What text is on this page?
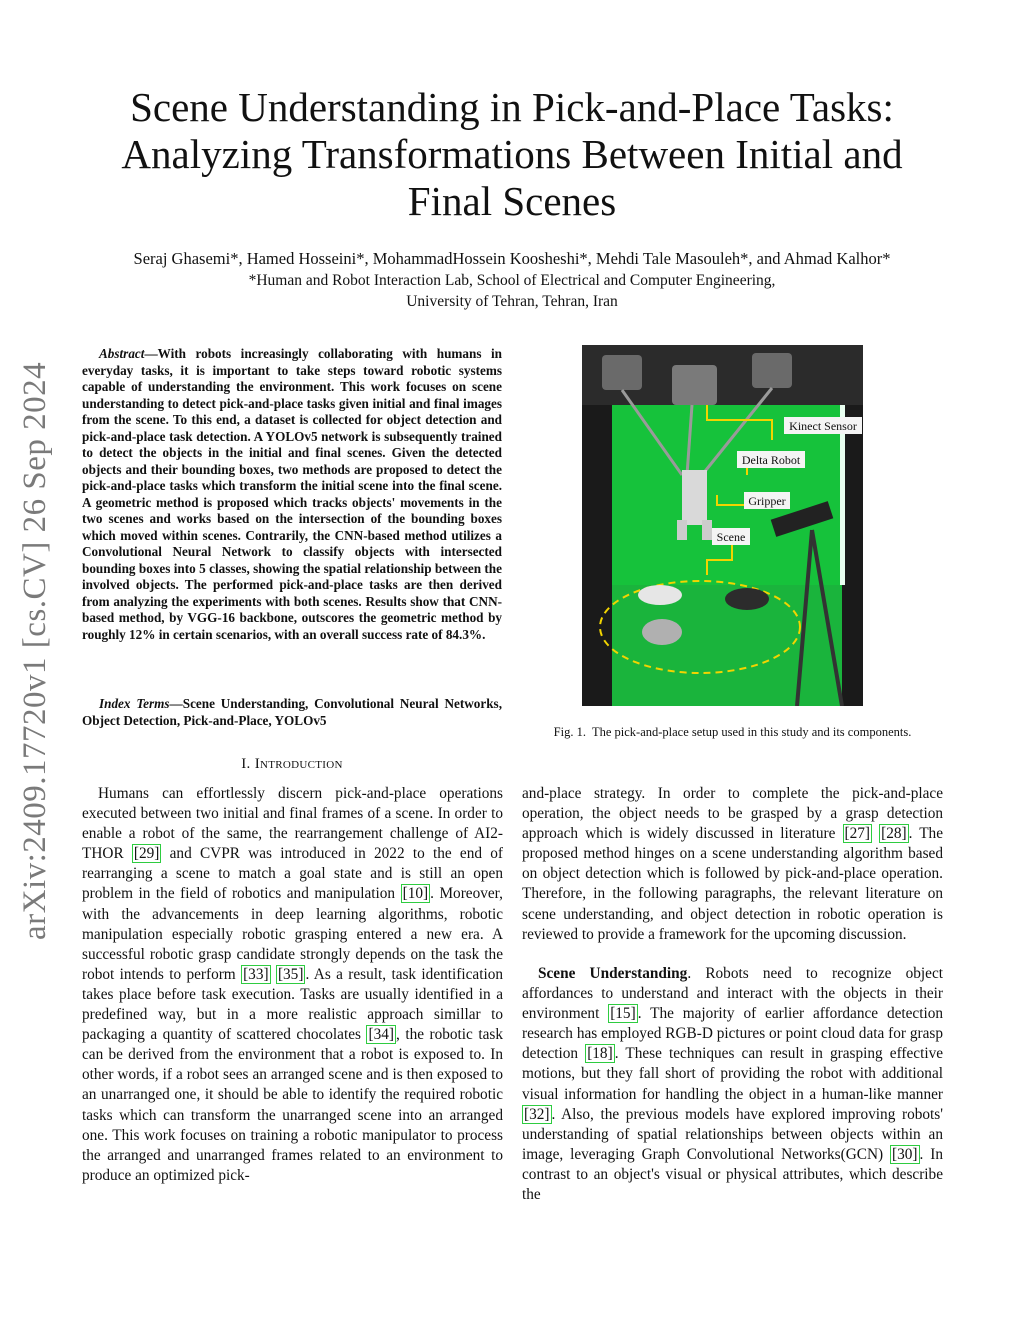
arXiv:2409.17720v1 [cs.CV] 26 Sep 2024
Scene Understanding in Pick-and-Place Tasks: Analyzing Transformations Between Initial and Final Scenes
Seraj Ghasemi*, Hamed Hosseini*, MohammadHossein Koosheshi*, Mehdi Tale Masouleh*, and Ahmad Kalhor*
*Human and Robot Interaction Lab, School of Electrical and Computer Engineering,
University of Tehran, Tehran, Iran
Abstract—With robots increasingly collaborating with humans in everyday tasks, it is important to take steps toward robotic systems capable of understanding the environment. This work focuses on scene understanding to detect pick-and-place tasks given initial and final images from the scene. To this end, a dataset is collected for object detection and pick-and-place task detection. A YOLOv5 network is subsequently trained to detect the objects in the initial and final scenes. Given the detected objects and their bounding boxes, two methods are proposed to detect the pick-and-place tasks which transform the initial scene into the final scene. A geometric method is proposed which tracks objects' movements in the two scenes and works based on the intersection of the bounding boxes which moved within scenes. Contrarily, the CNN-based method utilizes a Convolutional Neural Network to classify objects with intersected bounding boxes into 5 classes, showing the spatial relationship between the involved objects. The performed pick-and-place tasks are then derived from analyzing the experiments with both scenes. Results show that CNN-based method, by VGG-16 backbone, outscores the geometric method by roughly 12% in certain scenarios, with an overall success rate of 84.3%.
Index Terms—Scene Understanding, Convolutional Neural Networks, Object Detection, Pick-and-Place, YOLOv5
I. Introduction

Humans can effortlessly discern pick-and-place operations executed between two initial and final frames of a scene. In order to enable a robot of the same, the rearrangement challenge of AI2-THOR [29] and CVPR was introduced in 2022 to the end of rearranging a scene to match a goal state and is still an open problem in the field of robotics and manipulation [10] . Moreover, with the advancements in deep learning algorithms, robotic manipulation especially robotic grasping entered a new era. A successful robotic grasp candidate strongly depends on the task the robot intends to perform [33] [35] . As a result, task identification takes place before task execution. Tasks are usually identified in a predefined way, but in a more realistic approach simillar to packaging a quantity of scattered chocolates [34] , the robotic task can be derived from the environment that a robot is exposed to. In other words, if a robot sees an arranged scene and is then exposed to an unarranged one, it should be able to identify the required robotic tasks which can transform the unarranged scene into an arranged one. This work focuses on training a robotic manipulator to process the arranged and unarranged frames related to an environment to produce an optimized pick-

Kinect Sensor
Delta Robot
Gripper
Scene
Fig. 1. The pick-and-place setup used in this study and its components.

and-place strategy. In order to complete the pick-and-place operation, the object needs to be grasped by a grasp detection approach which is widely discussed in literature [27] [28] . The proposed method hinges on a scene understanding algorithm based on object detection which is followed by pick-and-place operation. Therefore, in the following paragraphs, the relevant literature on scene understanding, and object detection in robotic operation is reviewed to provide a framework for the upcoming discussion.

Scene Understanding. Robots need to recognize object affordances to understand and interact with the objects in their environment [15] . The majority of earlier affordance detection research has employed RGB-D pictures or point cloud data for grasp detection [18] . These techniques can result in grasping effective motions, but they fall short of providing the robot with additional visual information for handling the object in a human-like manner [32] . Also, the previous models have explored improving robots' understanding of spatial relationships between objects within an image, leveraging Graph Convolutional Networks(GCN) [30] . In contrast to an object's visual or physical attributes, which describe the
